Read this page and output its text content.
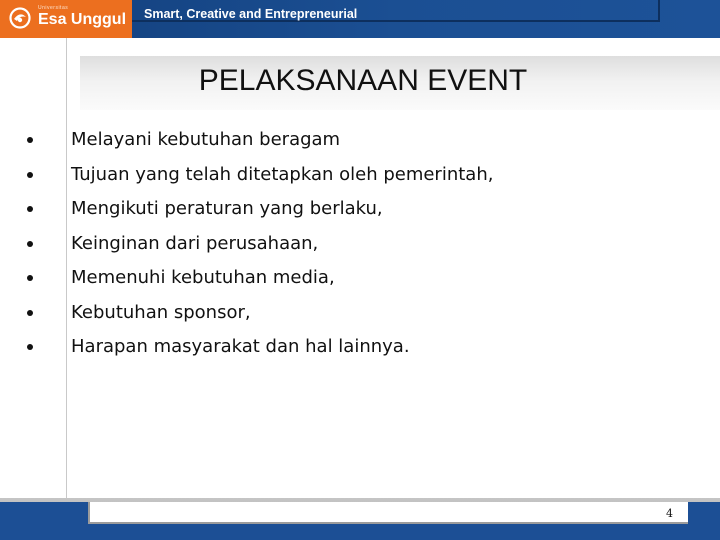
Universitas
Esa Unggul Smart, Creative and Entrepreneurial
PELAKSANAAN EVENT
Melayani kebutuhan beragam
Tujuan yang telah ditetapkan oleh pemerintah,
Mengikuti peraturan yang berlaku,
Keinginan dari perusahaan,
Memenuhi kebutuhan media,
Kebutuhan sponsor,
Harapan masyarakat dan hal lainnya.
4
